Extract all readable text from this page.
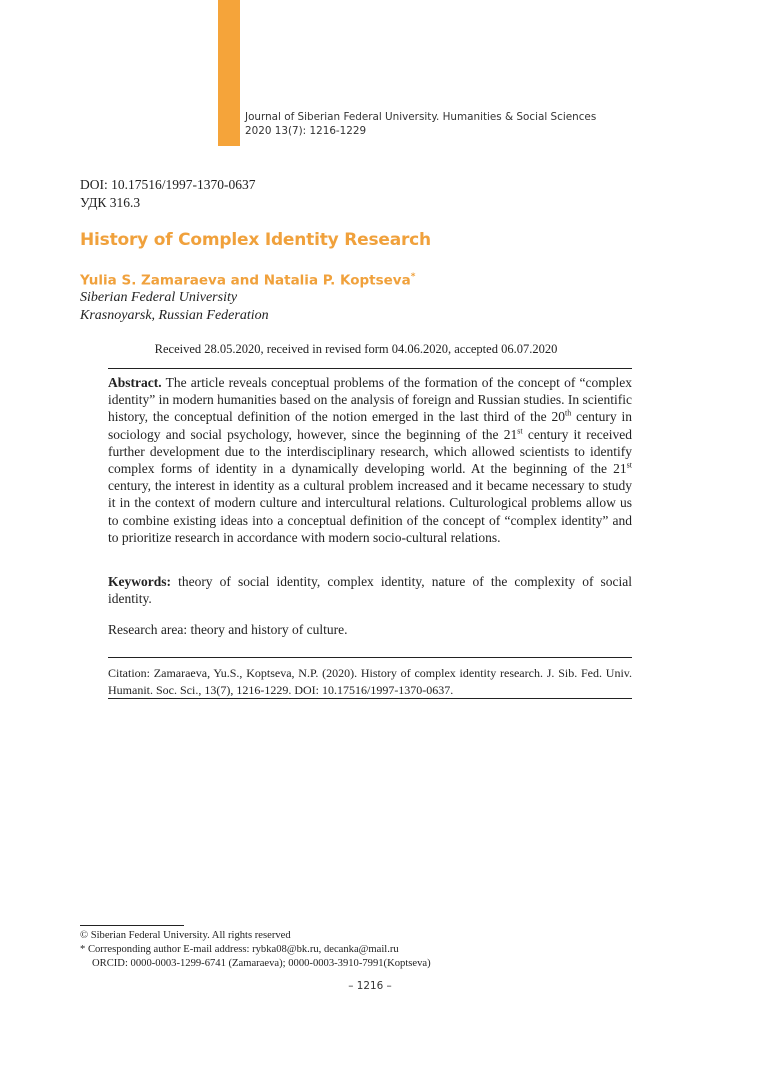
Journal of Siberian Federal University. Humanities & Social Sciences
2020 13(7): 1216-1229
DOI: 10.17516/1997-1370-0637
УДК 316.3
History of Complex Identity Research
Yulia S. Zamaraeva and Natalia P. Koptseva*
Siberian Federal University
Krasnoyarsk, Russian Federation
Received 28.05.2020, received in revised form 04.06.2020, accepted 06.07.2020
Abstract. The article reveals conceptual problems of the formation of the concept of “complex identity” in modern humanities based on the analysis of foreign and Russian studies. In scientific history, the conceptual definition of the notion emerged in the last third of the 20th century in sociology and social psychology, however, since the beginning of the 21st century it received further development due to the interdisciplinary research, which allowed scientists to identify complex forms of identity in a dynamically developing world. At the beginning of the 21st century, the interest in identity as a cultural problem increased and it became necessary to study it in the context of modern culture and intercultural relations. Culturological problems allow us to combine existing ideas into a conceptual definition of the concept of “complex identity” and to prioritize research in accordance with modern socio-cultural relations.
Keywords: theory of social identity, complex identity, nature of the complexity of social identity.
Research area: theory and history of culture.
Citation: Zamaraeva, Yu.S., Koptseva, N.P. (2020). History of complex identity research. J. Sib. Fed. Univ. Humanit. Soc. Sci., 13(7), 1216-1229. DOI: 10.17516/1997-1370-0637.
© Siberian Federal University. All rights reserved
* Corresponding author E-mail address: rybka08@bk.ru, decanka@mail.ru
ORCID: 0000-0003-1299-6741 (Zamaraeva); 0000-0003-3910-7991(Koptseva)
– 1216 –
